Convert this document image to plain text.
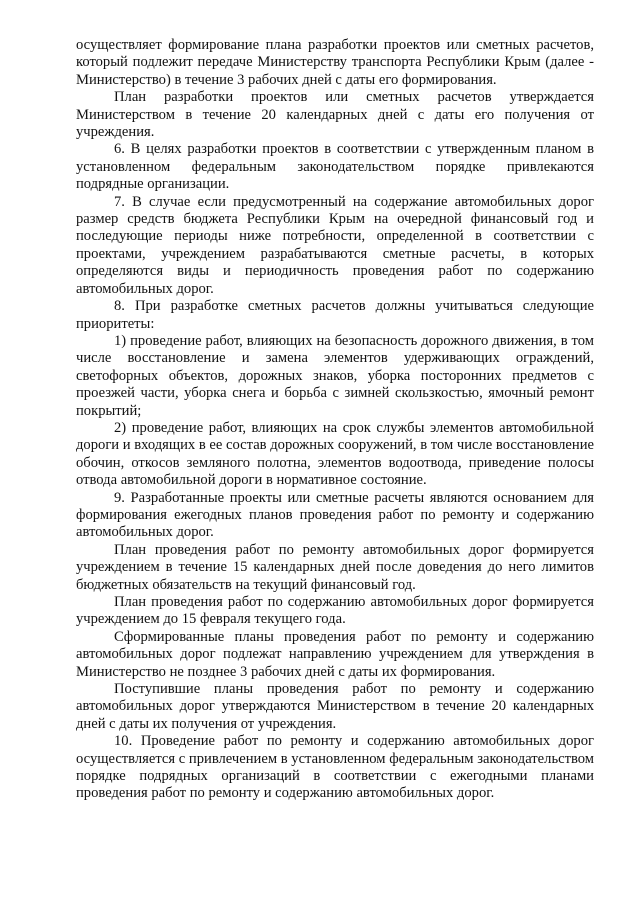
осуществляет формирование плана разработки проектов или сметных расчетов, который подлежит передаче Министерству транспорта Республики Крым (далее - Министерство) в течение 3 рабочих дней с даты его формирования.

План разработки проектов или сметных расчетов утверждается Министерством в течение 20 календарных дней с даты его получения от учреждения.

6. В целях разработки проектов в соответствии с утвержденным планом в установленном федеральным законодательством порядке привлекаются подрядные организации.

7. В случае если предусмотренный на содержание автомобильных дорог размер средств бюджета Республики Крым на очередной финансовый год и последующие периоды ниже потребности, определенной в соответствии с проектами, учреждением разрабатываются сметные расчеты, в которых определяются виды и периодичность проведения работ по содержанию автомобильных дорог.

8. При разработке сметных расчетов должны учитываться следующие приоритеты:

1) проведение работ, влияющих на безопасность дорожного движения, в том числе восстановление и замена элементов удерживающих ограждений, светофорных объектов, дорожных знаков, уборка посторонних предметов с проезжей части, уборка снега и борьба с зимней скользкостью, ямочный ремонт покрытий;

2) проведение работ, влияющих на срок службы элементов автомобильной дороги и входящих в ее состав дорожных сооружений, в том числе восстановление обочин, откосов земляного полотна, элементов водоотвода, приведение полосы отвода автомобильной дороги в нормативное состояние.

9. Разработанные проекты или сметные расчеты являются основанием для формирования ежегодных планов проведения работ по ремонту и содержанию автомобильных дорог.

План проведения работ по ремонту автомобильных дорог формируется учреждением в течение 15 календарных дней после доведения до него лимитов бюджетных обязательств на текущий финансовый год.

План проведения работ по содержанию автомобильных дорог формируется учреждением до 15 февраля текущего года.

Сформированные планы проведения работ по ремонту и содержанию автомобильных дорог подлежат направлению учреждением для утверждения в Министерство не позднее 3 рабочих дней с даты их формирования.

Поступившие планы проведения работ по ремонту и содержанию автомобильных дорог утверждаются Министерством в течение 20 календарных дней с даты их получения от учреждения.

10. Проведение работ по ремонту и содержанию автомобильных дорог осуществляется с привлечением в установленном федеральным законодательством порядке подрядных организаций в соответствии с ежегодными планами проведения работ по ремонту и содержанию автомобильных дорог.
